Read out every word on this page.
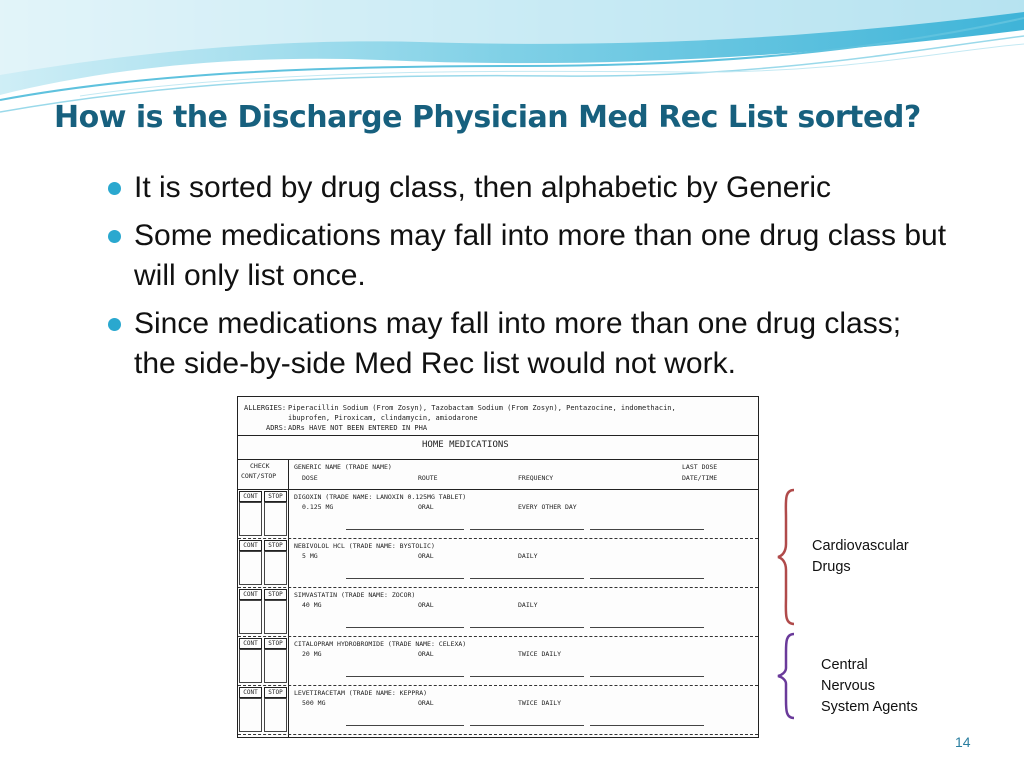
How is the Discharge Physician Med Rec List sorted?
It is sorted by drug class, then alphabetic by Generic
Some medications may fall into more than one drug class but will only list once.
Since medications may fall into more than one drug class; the side-by-side Med Rec list would not work.
ALLERGIES: Piperacillin Sodium (From Zosyn), Tazobactam Sodium (From Zosyn), Pentazocine, indomethacin,
ibuprofen, Piroxicam, clindamycin, amiodarone
ADRS: ADRs HAVE NOT BEEN ENTERED IN PHA
HOME MEDICATIONS
CHECK
CONT/STOP
GENERIC NAME (TRADE NAME)
DOSE	ROUTE	FREQUENCY
LAST DOSE
DATE/TIME
CONT	STOP	DIGOXIN (TRADE NAME: LANOXIN 0.125MG TABLET)
0.125 MG	ORAL	EVERY OTHER DAY
CONT	STOP	NEBIVOLOL HCL (TRADE NAME: BYSTOLIC)
5 MG	ORAL	DAILY
CONT	STOP	SIMVASTATIN (TRADE NAME: ZOCOR)
40 MG	ORAL	DAILY
CONT	STOP	CITALOPRAM HYDROBROMIDE (TRADE NAME: CELEXA)
20 MG	ORAL	TWICE DAILY
CONT	STOP	LEVETIRACETAM (TRADE NAME: KEPPRA)
500 MG	ORAL	TWICE DAILY
Cardiovascular
Drugs
Central
Nervous
System Agents
14
